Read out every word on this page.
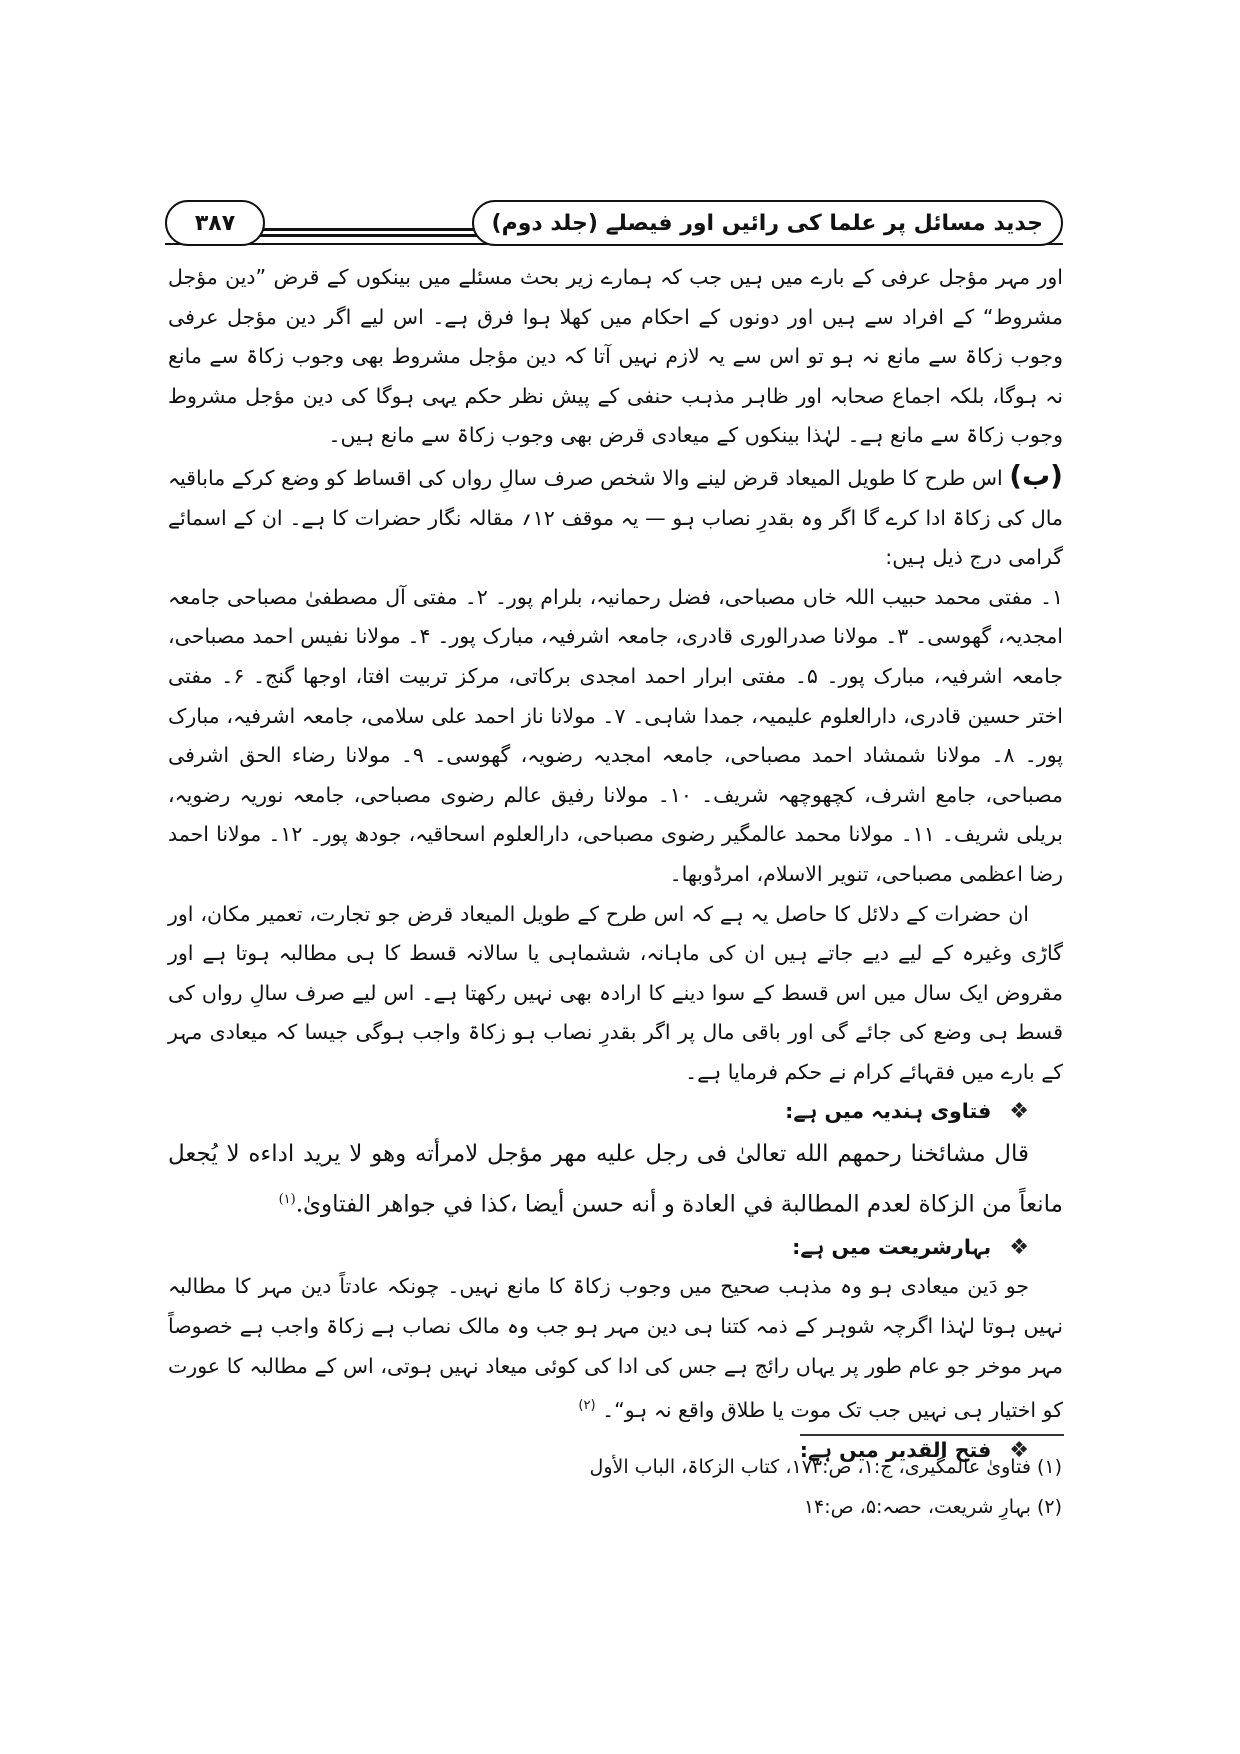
جدید مسائل پر علما کی رائیں اور فیصلے (جلد دوم)
۳۸۷

اور مہر مؤجل عرفی کے بارے میں ہیں جب کہ ہمارے زیر بحث مسئلے میں بینکوں کے قرض ”دین مؤجل مشروط“ کے افراد سے ہیں اور دونوں کے احکام میں کھلا ہوا فرق ہے۔ اس لیے اگر دین مؤجل عرفی وجوب زکاۃ سے مانع نہ ہو تو اس سے یہ لازم نہیں آتا کہ دین مؤجل مشروط بھی وجوب زکاۃ سے مانع نہ ہوگا، بلکہ اجماع صحابہ اور ظاہر مذہب حنفی کے پیش نظر حکم یہی ہوگا کی دین مؤجل مشروط وجوب زکاۃ سے مانع ہے۔ لہٰذا بینکوں کے میعادی قرض بھی وجوب زکاۃ سے مانع ہیں۔

(ب) اس طرح کا طویل المیعاد قرض لینے والا شخص صرف سالِ رواں کی اقساط کو وضع کرکے ماباقیہ مال کی زکاۃ ادا کرے گا اگر وہ بقدرِ نصاب ہو — یہ موقف ۱۲؍ مقالہ نگار حضرات کا ہے۔ ان کے اسمائے گرامی درج ذیل ہیں:

۱۔ مفتی محمد حبیب اللہ خاں مصباحی، فضل رحمانیہ، بلرام پور۔ ۲۔ مفتی آل مصطفیٰ مصباحی جامعہ امجدیہ، گھوسی۔ ۳۔ مولانا صدرالوری قادری، جامعہ اشرفیہ، مبارک پور۔ ۴۔ مولانا نفیس احمد مصباحی، جامعہ اشرفیہ، مبارک پور۔ ۵۔ مفتی ابرار احمد امجدی برکاتی، مرکز تربیت افتا، اوجھا گنج۔ ۶۔ مفتی اختر حسین قادری، دارالعلوم علیمیہ، جمدا شاہی۔ ۷۔ مولانا ناز احمد علی سلامی، جامعہ اشرفیہ، مبارک پور۔ ۸۔ مولانا شمشاد احمد مصباحی، جامعہ امجدیہ رضویہ، گھوسی۔ ۹۔ مولانا رضاء الحق اشرفی مصباحی، جامع اشرف، کچھوچھہ شریف۔ ۱۰۔ مولانا رفیق عالم رضوی مصباحی، جامعہ نوریہ رضویہ، بریلی شریف۔ ۱۱۔ مولانا محمد عالمگیر رضوی مصباحی، دارالعلوم اسحاقیہ، جودھ پور۔ ۱۲۔ مولانا احمد رضا اعظمی مصباحی، تنویر الاسلام، امرڈوبھا۔

ان حضرات کے دلائل کا حاصل یہ ہے کہ اس طرح کے طویل المیعاد قرض جو تجارت، تعمیر مکان، اور گاڑی وغیرہ کے لیے دیے جاتے ہیں ان کی ماہانہ، ششماہی یا سالانہ قسط کا ہی مطالبہ ہوتا ہے اور مقروض ایک سال میں اس قسط کے سوا دینے کا ارادہ بھی نہیں رکھتا ہے۔ اس لیے صرف سالِ رواں کی قسط ہی وضع کی جائے گی اور باقی مال پر اگر بقدرِ نصاب ہو زکاۃ واجب ہوگی جیسا کہ میعادی مہر کے بارے میں فقہائے کرام نے حکم فرمایا ہے۔

❖فتاوی ہندیہ میں ہے:

قال مشائخنا رحمهم الله تعالىٰ فی رجل علیه مهر مؤجل لامرأته وهو لا یرید اداءه لا یُجعل مانعاً من الزكاة لعدم المطالبة في العادة و أنه حسن أیضا ،كذا في جواهر الفتاویٰ.$^{(۱)}$

❖بہارشریعت میں ہے:

جو دَین میعادی ہو وہ مذہب صحیح میں وجوب زکاۃ کا مانع نہیں۔ چونکہ عادتاً دین مہر کا مطالبہ نہیں ہوتا لہٰذا اگرچہ شوہر کے ذمہ کتنا ہی دین مہر ہو جب وہ مالک نصاب ہے زکاۃ واجب ہے خصوصاً مہر موخر جو عام طور پر یہاں رائج ہے جس کی ادا کی کوئی میعاد نہیں ہوتی، اس کے مطالبہ کا عورت کو اختیار ہی نہیں جب تک موت یا طلاق واقع نہ ہو“۔ $^{(۲)}$

❖فتح القدیر میں ہے:

(۱) فتاویٰ عالمگیری، ج:۱، ص:۱۷۳، کتاب الزکاۃ، الباب الأول

(۲) بہارِ شریعت، حصہ:۵، ص:۱۴
